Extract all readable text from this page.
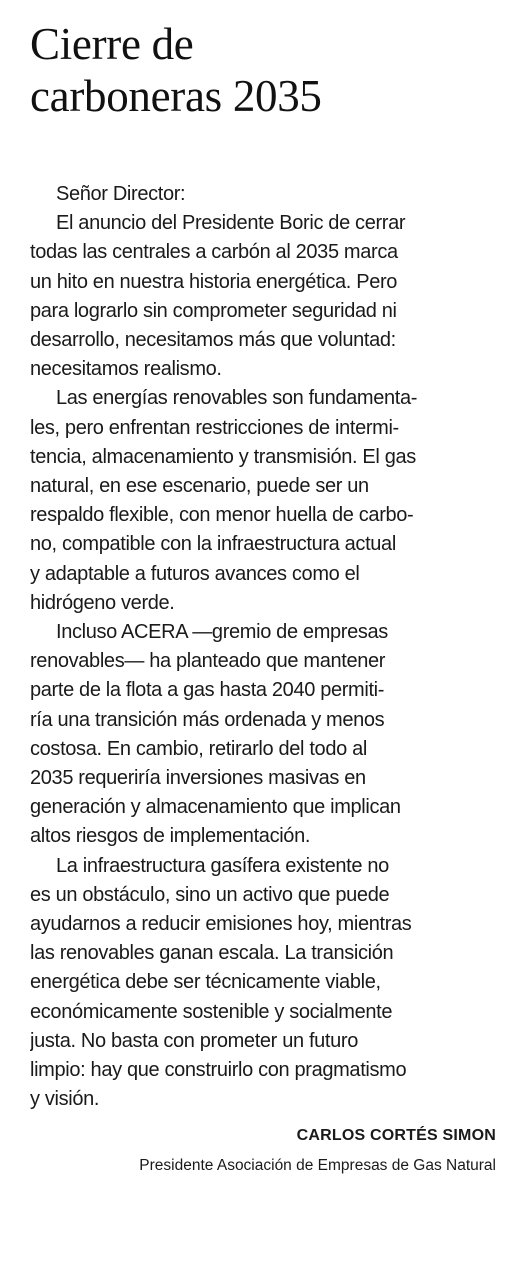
Cierre de
carboneras 2035
Señor Director:
El anuncio del Presidente Boric de cerrar
todas las centrales a carbón al 2035 marca
un hito en nuestra historia energética. Pero
para lograrlo sin comprometer seguridad ni
desarrollo, necesitamos más que voluntad:
necesitamos realismo.
Las energías renovables son fundamenta-
les, pero enfrentan restricciones de intermi-
tencia, almacenamiento y transmisión. El gas
natural, en ese escenario, puede ser un
respaldo flexible, con menor huella de carbo-
no, compatible con la infraestructura actual
y adaptable a futuros avances como el
hidrógeno verde.
Incluso ACERA —gremio de empresas
renovables— ha planteado que mantener
parte de la flota a gas hasta 2040 permiti-
ría una transición más ordenada y menos
costosa. En cambio, retirarlo del todo al
2035 requeriría inversiones masivas en
generación y almacenamiento que implican
altos riesgos de implementación.
La infraestructura gasífera existente no
es un obstáculo, sino un activo que puede
ayudarnos a reducir emisiones hoy, mientras
las renovables ganan escala. La transición
energética debe ser técnicamente viable,
económicamente sostenible y socialmente
justa. No basta con prometer un futuro
limpio: hay que construirlo con pragmatismo
y visión.
CARLOS CORTÉS SIMON
Presidente Asociación de Empresas de Gas Natural
